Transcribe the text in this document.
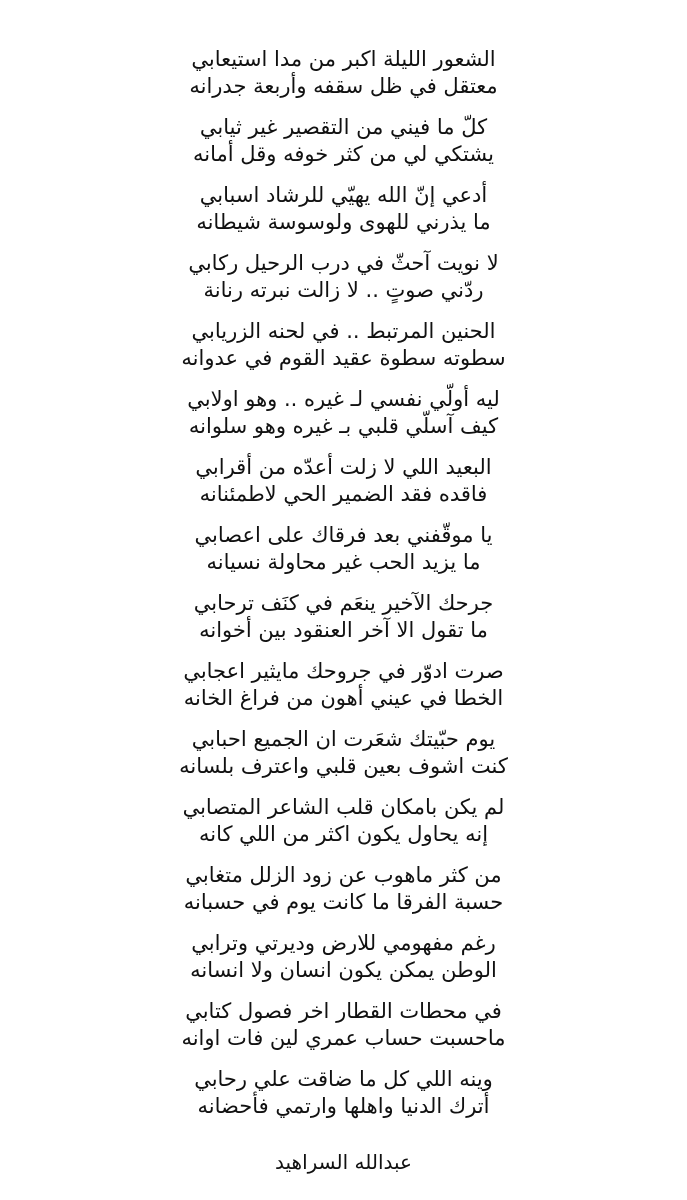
الشعور الليلة اكبر من مدا استيعابي
معتقل في ظل سقفه وأربعة جدرانه
كلّ ما فيني من التقصير غير ثيابي
يشتكي لي من كثر خوفه وقل أمانه
أدعي إنّ الله يهيّي للرشاد اسبابي
ما يذرني للهوى ولوسوسة شيطانه
لا نويت آحثّ في درب الرحيل ركابي
ردّني صوتٍ .. لا زالت نبرته رنانة
الحنين المرتبط .. في لحنه الزريابي
سطوته سطوة عقيد القوم في عدوانه
ليه أولّي نفسي لـ غيره .. وهو اولابي
كيف آسلّي قلبي بـ غيره وهو سلوانه
البعيد اللي لا زلت أعدّه من أقرابي
فاقده فقد الضمير الحي لاطمئنانه
يا موقّفني بعد فرقاك على اعصابي
ما يزيد الحب غير محاولة نسيانه
جرحك الآخير ينعَم في كنَف ترحابي
ما تقول الا آخر العنقود بين أخوانه
صرت ادوّر في جروحك مايثير اعجابي
الخطا في عيني أهون من فراغ الخانه
يوم حبّيتك شعَرت ان الجميع احبابي
كنت اشوف بعين قلبي واعترف بلسانه
لم يكن بامكان قلب الشاعر المتصابي
إنه يحاول يكون اكثر من اللي كانه
من كثر ماهوب عن زود الزلل متغابي
حسبة الفرقا ما كانت يوم في حسبانه
رغم مفهومي للارض وديرتي وترابي
الوطن يمكن يكون انسان ولا انسانه
في محطات القطار اخر فصول كتابي
ماحسبت حساب عمري لين فات اوانه
وينه اللي كل ما ضاقت علي رحابي
أترك الدنيا واهلها وارتمي فأحضانه
عبدالله السراهيد
